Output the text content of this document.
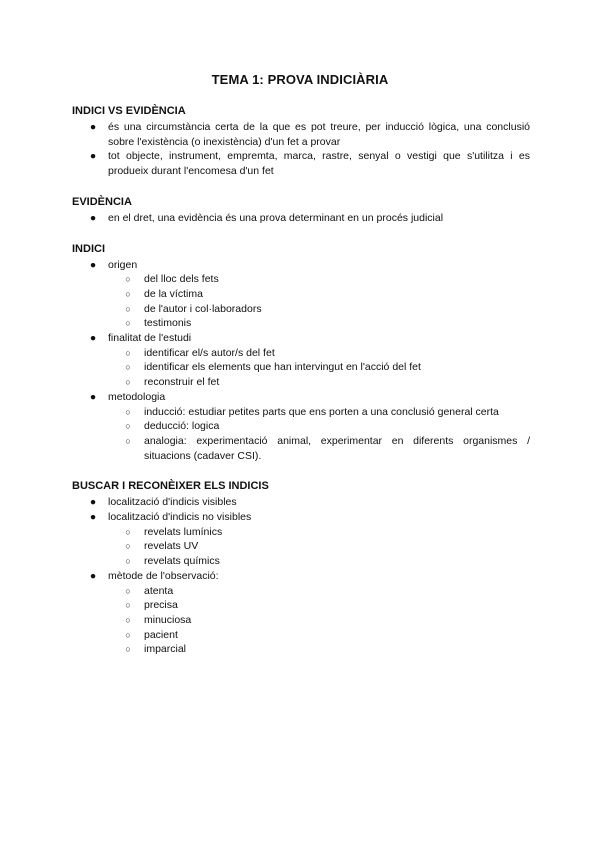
TEMA 1: PROVA INDICIÀRIA

INDICI VS EVIDÈNCIA

● és una circumstància certa de la que es pot treure, per inducció lògica, una conclusió sobre l'existència (o inexistència) d'un fet a provar
● tot objecte, instrument, empremta, marca, rastre, senyal o vestigi que s'utilitza i es produeix durant l'encomesa d'un fet

EVIDÈNCIA

● en el dret, una evidència és una prova determinant en un procés judicial

INDICI

● origen
○ del lloc dels fets
○ de la víctima
○ de l'autor i col·laboradors
○ testimonis
● finalitat de l'estudi
○ identificar el/s autor/s del fet
○ identificar els elements que han intervingut en l'acció del fet
○ reconstruir el fet
● metodologia
○ inducció: estudiar petites parts que ens porten a una conclusió general certa
○ deducció: logica
○ analogia: experimentació animal, experimentar en diferents organismes / situacions (cadaver CSI).

BUSCAR I RECONÈIXER ELS INDICIS

● localització d'indicis visibles
● localització d'indicis no visibles
○ revelats lumínics
○ revelats UV
○ revelats químics
● mètode de l'observació:
○ atenta
○ precisa
○ minuciosa
○ pacient
○ imparcial
